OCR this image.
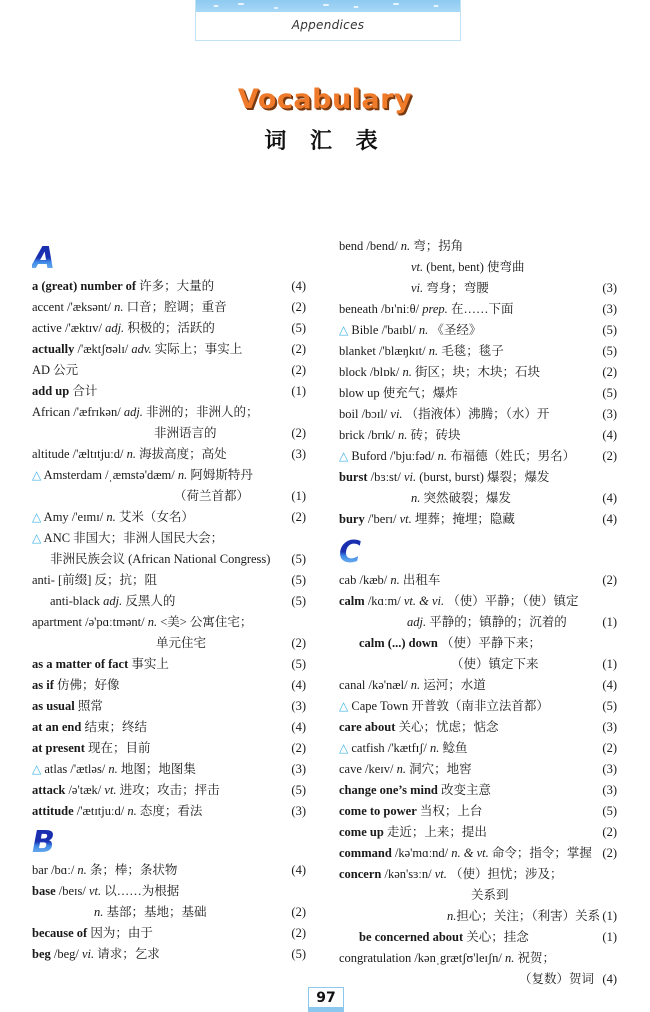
Appendices
Vocabulary
词 汇 表
A
a (great) number of 许多；大量的	(4)
accent /'æksənt/ n. 口音；腔调；重音	(2)
active /'æktɪv/ adj. 积极的；活跃的	(5)
actually /'æktʃʊəlɪ/ adv. 实际上；事实上	(2)
AD 公元	(2)
add up 合计	(1)
African /'æfrɪkən/ adj. 非洲的；非洲人的；
非洲语言的	(2)
altitude /'æltɪtjuːd/ n. 海拔高度；高处	(3)
△ Amsterdam /ˌæmstə'dæm/ n. 阿姆斯特丹
（荷兰首都）	(1)
△ Amy /'eɪmɪ/ n. 艾米（女名）	(2)
△ ANC 非国大；非洲人国民大会；
非洲民族会议 (African National Congress) (5)
anti- [前缀] 反；抗；阻	(5)
anti-black adj. 反黑人的	(5)
apartment /ə'pɑːtmənt/ n. <美> 公寓住宅；
单元住宅	(2)
as a matter of fact 事实上	(5)
as if 仿佛；好像	(4)
as usual 照常	(3)
at an end 结束；终结	(4)
at present 现在；目前	(2)
△ atlas /'ætləs/ n. 地图；地图集	(3)
attack /ə'tæk/ vt. 进攻；攻击；抨击	(5)
attitude /'ætɪtjuːd/ n. 态度；看法	(3)
B
bar /bɑː/ n. 条；棒；条状物	(4)
base /beɪs/ vt. 以……为根据
n. 基部；基地；基础	(2)
because of 因为；由于	(2)
beg /beg/ vi. 请求；乞求	(5)
bend /bend/ n. 弯；拐角
vt. (bent, bent) 使弯曲
vi. 弯身；弯腰	(3)
beneath /bɪ'niːθ/ prep. 在……下面	(3)
△ Bible /'baɪbl/ n. 《圣经》	(5)
blanket /'blæŋkɪt/ n. 毛毯；毯子	(5)
block /blɒk/ n. 街区；块；木块；石块	(2)
blow up 使充气；爆炸	(5)
boil /bɔɪl/ vi. （指液体）沸腾；（水）开	(3)
brick /brɪk/ n. 砖；砖块	(4)
△ Buford /'bjuːfəd/ n. 布福德（姓氏；男名） (2)
burst /bɜːst/ vi. (burst, burst) 爆裂；爆发
n. 突然破裂；爆发	(4)
bury /'berɪ/ vt. 埋葬；掩埋；隐藏	(4)
C
cab /kæb/ n. 出租车	(2)
calm /kɑːm/ vt. & vi. （使）平静；（使）镇定
adj. 平静的；镇静的；沉着的	(1)
calm (...) down （使）平静下来；
（使）镇定下来	(1)
canal /kə'næl/ n. 运河；水道	(4)
△ Cape Town 开普敦（南非立法首都）	(5)
care about 关心；忧虑；惦念	(3)
△ catfish /'kætfɪʃ/ n. 鲶鱼	(2)
cave /keɪv/ n. 洞穴；地窖	(3)
change one’s mind 改变主意	(3)
come to power 当权；上台	(5)
come up 走近；上来；提出	(2)
command /kə'mɑːnd/ n. & vt. 命令；指令；掌握 (2)
concern /kən'sɜːn/ vt. （使）担忧；涉及；
关系到
n.担心；关注；（利害）关系 (1)
be concerned about 关心；挂念	(1)
congratulation /kənˌgrætʃʊ'leɪʃn/ n. 祝贺；
（复数）贺词 (4)
97
